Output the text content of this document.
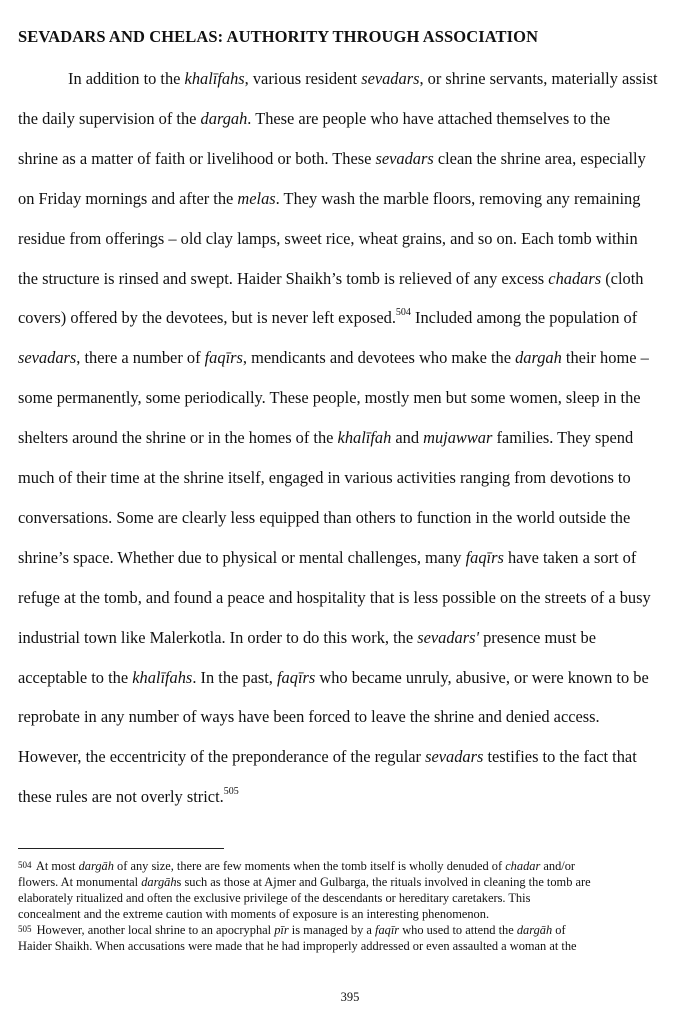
SEVADARS AND CHELAS: AUTHORITY THROUGH ASSOCIATION
In addition to the khalīfahs, various resident sevadars, or shrine servants, materially assist
the daily supervision of the dargah. These are people who have attached themselves to the
shrine as a matter of faith or livelihood or both. These sevadars clean the shrine area, especially
on Friday mornings and after the melas. They wash the marble floors, removing any remaining
residue from offerings – old clay lamps, sweet rice, wheat grains, and so on. Each tomb within
the structure is rinsed and swept. Haider Shaikh’s tomb is relieved of any excess chadars (cloth
covers) offered by the devotees, but is never left exposed.$^{504}$ Included among the population of
sevadars, there a number of faqīrs, mendicants and devotees who make the dargah their home –
some permanently, some periodically. These people, mostly men but some women, sleep in the
shelters around the shrine or in the homes of the khalīfah and mujawwar families. They spend
much of their time at the shrine itself, engaged in various activities ranging from devotions to
conversations. Some are clearly less equipped than others to function in the world outside the
shrine’s space. Whether due to physical or mental challenges, many faqīrs have taken a sort of
refuge at the tomb, and found a peace and hospitality that is less possible on the streets of a busy
industrial town like Malerkotla. In order to do this work, the sevadars' presence must be
acceptable to the khalīfahs. In the past, faqīrs who became unruly, abusive, or were known to be
reprobate in any number of ways have been forced to leave the shrine and denied access.
However, the eccentricity of the preponderance of the regular sevadars testifies to the fact that
these rules are not overly strict.$^{505}$
504 At most dargāh of any size, there are few moments when the tomb itself is wholly denuded of chadar and/or
flowers. At monumental dargāhs such as those at Ajmer and Gulbarga, the rituals involved in cleaning the tomb are
elaborately ritualized and often the exclusive privilege of the descendants or hereditary caretakers. This
concealment and the extreme caution with moments of exposure is an interesting phenomenon.
505 However, another local shrine to an apocryphal pīr is managed by a faqīr who used to attend the dargāh of
Haider Shaikh. When accusations were made that he had improperly addressed or even assaulted a woman at the
395
